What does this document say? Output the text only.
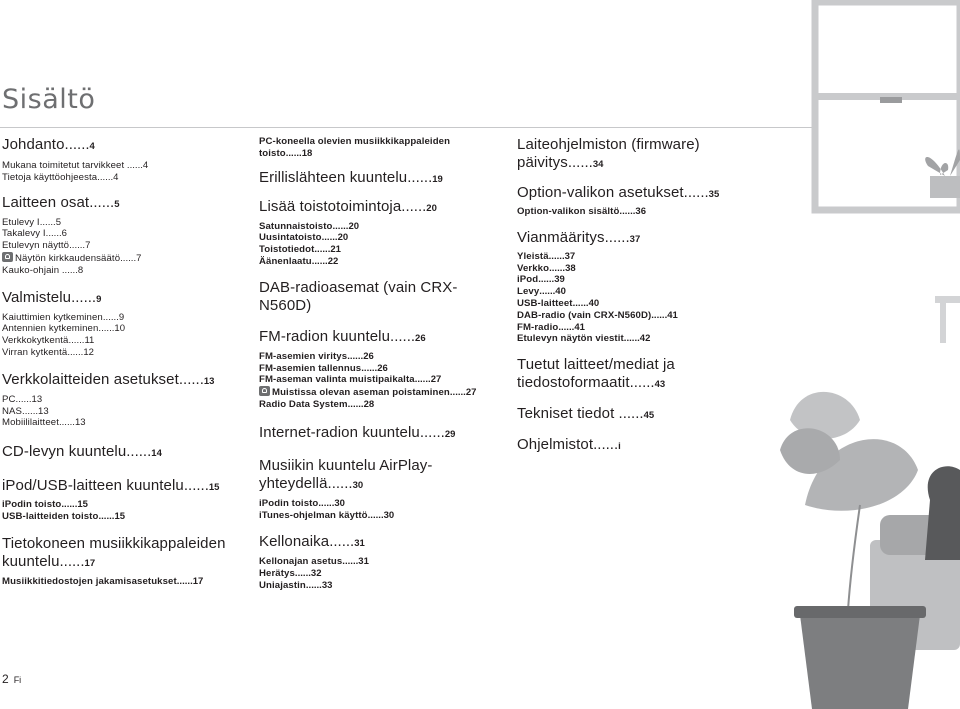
Sisältö

Johdanto......4

Mukana toimitetut tarvikkeet ......4

Tietoja käyttöohjeesta......4

Laitteen osat......5

Etulevy I......5

Takalevy I......6

Etulevyn näyttö......7

Näytön kirkkaudensäätö......7

Kauko-ohjain ......8

Valmistelu......9

Kaiuttimien kytkeminen......9

Antennien kytkeminen......10

Verkkokytkentä......11

Virran kytkentä......12

Verkkolaitteiden asetukset......13

PC......13

NAS......13

Mobiililaitteet......13

CD-levyn kuuntelu......14

iPod/USB-laitteen kuuntelu......15

iPodin toisto......15

USB-laitteiden toisto......15

Tietokoneen musiikkikappaleiden kuuntelu......17

Musiikkitiedostojen jakamisasetukset......17

PC-koneella olevien musiikkikappaleiden toisto......18

Erillislähteen kuuntelu......19

Lisää toistotoimintoja......20

Satunnaistoisto......20

Uusintatoisto......20

Toistotiedot......21

Äänenlaatu......22

DAB-radioasemat (vain CRX-N560D)

FM-radion kuuntelu......26

FM-asemien viritys......26

FM-asemien tallennus......26

FM-aseman valinta muistipaikalta......27

Muistissa olevan aseman poistaminen......27

Radio Data System......28

Internet-radion kuuntelu......29

Musiikin kuuntelu AirPlay-yhteydellä......30

iPodin toisto......30

iTunes-ohjelman käyttö......30

Kellonaika......31

Kellonajan asetus......31

Herätys......32

Uniajastin......33

Laiteohjelmiston (firmware) päivitys......34

Option-valikon asetukset......35

Option-valikon sisältö......36

Vianmääritys......37

Yleistä......37

Verkko......38

iPod......39

Levy......40

USB-laitteet......40

DAB-radio (vain CRX-N560D)......41

FM-radio......41

Etulevyn näytön viestit......42

Tuetut laitteet/mediat ja tiedostoformaatit......43

Tekniset tiedot ......45

Ohjelmistot......i

2 Fi
